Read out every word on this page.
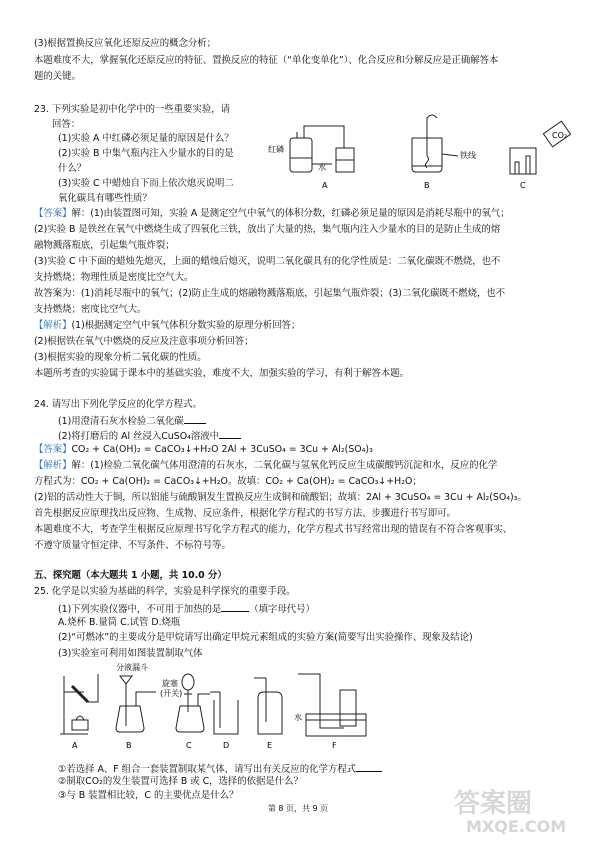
(3)根据置换反应氧化还原反应的概念分析；
本题难度不大，掌握氧化还原反应的特征、置换反应的特征（“单化变单化”）、化合反应和分解反应是正确解答本
题的关键。
23. 下列实验是初中化学中的一些重要实验，请
回答：
(1)实验 A 中红磷必须足量的原因是什么？
(2)实验 B 中集气瓶内注入少量水的目的是
什么？
(3)实验 C 中蜡烛自下而上依次熄灭说明二
氧化碳具有哪些性质？
红磷
水
铁线
CO₂
A	B	C
【答案】解：(1)由装置图可知，实验 A 是测定空气中氧气的体积分数，红磷必须足量的原因是消耗尽瓶中的氧气；
(2)实验 B 是铁丝在氧气中燃烧生成了四氧化三铁，放出了大量的热，集气瓶内注入少量水的目的是防止生成的熔
融物溅落瓶底，引起集气瓶炸裂；
(3)实验 C 中下面的蜡烛先熄灭，上面的蜡烛后熄灭，说明二氧化碳具有的化学性质是：二氧化碳既不燃烧，也不
支持燃烧；物理性质是密度比空气大。
故答案为：(1)消耗尽瓶中的氧气；(2)防止生成的熔融物溅落瓶底，引起集气瓶炸裂；(3)二氧化碳既不燃烧，也不
支持燃烧；密度比空气大。
【解析】(1)根据测定空气中氧气体积分数实验的原理分析回答；
(2)根据铁在氧气中燃烧的反应及注意事项分析回答；
(3)根据实验的现象分析二氧化碳的性质。
本题所考查的实验属于课本中的基础实验，难度不大，加强实验的学习，有利于解答本题。
24. 请写出下列化学反应的化学方程式。
(1)用澄清石灰水检验二氧化碳
(2)将打磨后的 Al 丝浸入CuSO₄溶液中
【答案】CO₂ + Ca(OH)₂ = CaCO₃↓+H₂O 2Al + 3CuSO₄ = 3Cu + Al₂(SO₄)₃
【解析】解：(1)检验二氧化碳气体用澄清的石灰水，二氧化碳与氢氧化钙反应生成碳酸钙沉淀和水，反应的化学
方程式为：CO₂ + Ca(OH)₂ = CaCO₃↓+H₂O。故填：CO₂ + Ca(OH)₂ = CaCO₃↓+H₂O；
(2)铝的活动性大于铜，所以铝能与硫酸铜发生置换反应生成铜和硫酸铝；故填：2Al + 3CuSO₄ = 3Cu + Al₂(SO₄)₃。
首先根据反应原理找出反应物、生成物、反应条件，根据化学方程式的书写方法、步骤进行书写即可。
本题难度不大，考查学生根据反应原理书写化学方程式的能力，化学方程式书写经常出现的错误有不符合客观事实、
不遵守质量守恒定律、不写条件、不标符号等。
五、探究题（本大题共 1 小题，共 10.0 分）
25. 化学是以实验为基础的科学，实验是科学探究的重要手段。
(1)下列实验仪器中，不可用于加热的是	（填字母代号）
A.烧杯 B.量筒 C.试管 D.烧瓶
(2)“可燃冰”的主要成分是甲烷请写出确定甲烷元素组成的实验方案(简要写出实验操作、现象及结论)
(3)实验室可利用如图装置制取气体
分液漏斗
旋塞
(开关)
水
A	B	C	D	E	F
①若选择 A、F 组合一套装置制取某气体，请写出有关反应的化学方程式
②制取CO₂的发生装置可选择 B 或 C，选择的依据是什么？
③与 B 装置相比较，C 的主要优点是什么？
第 8 页，共 9 页	答案圈
MXQE.COM
